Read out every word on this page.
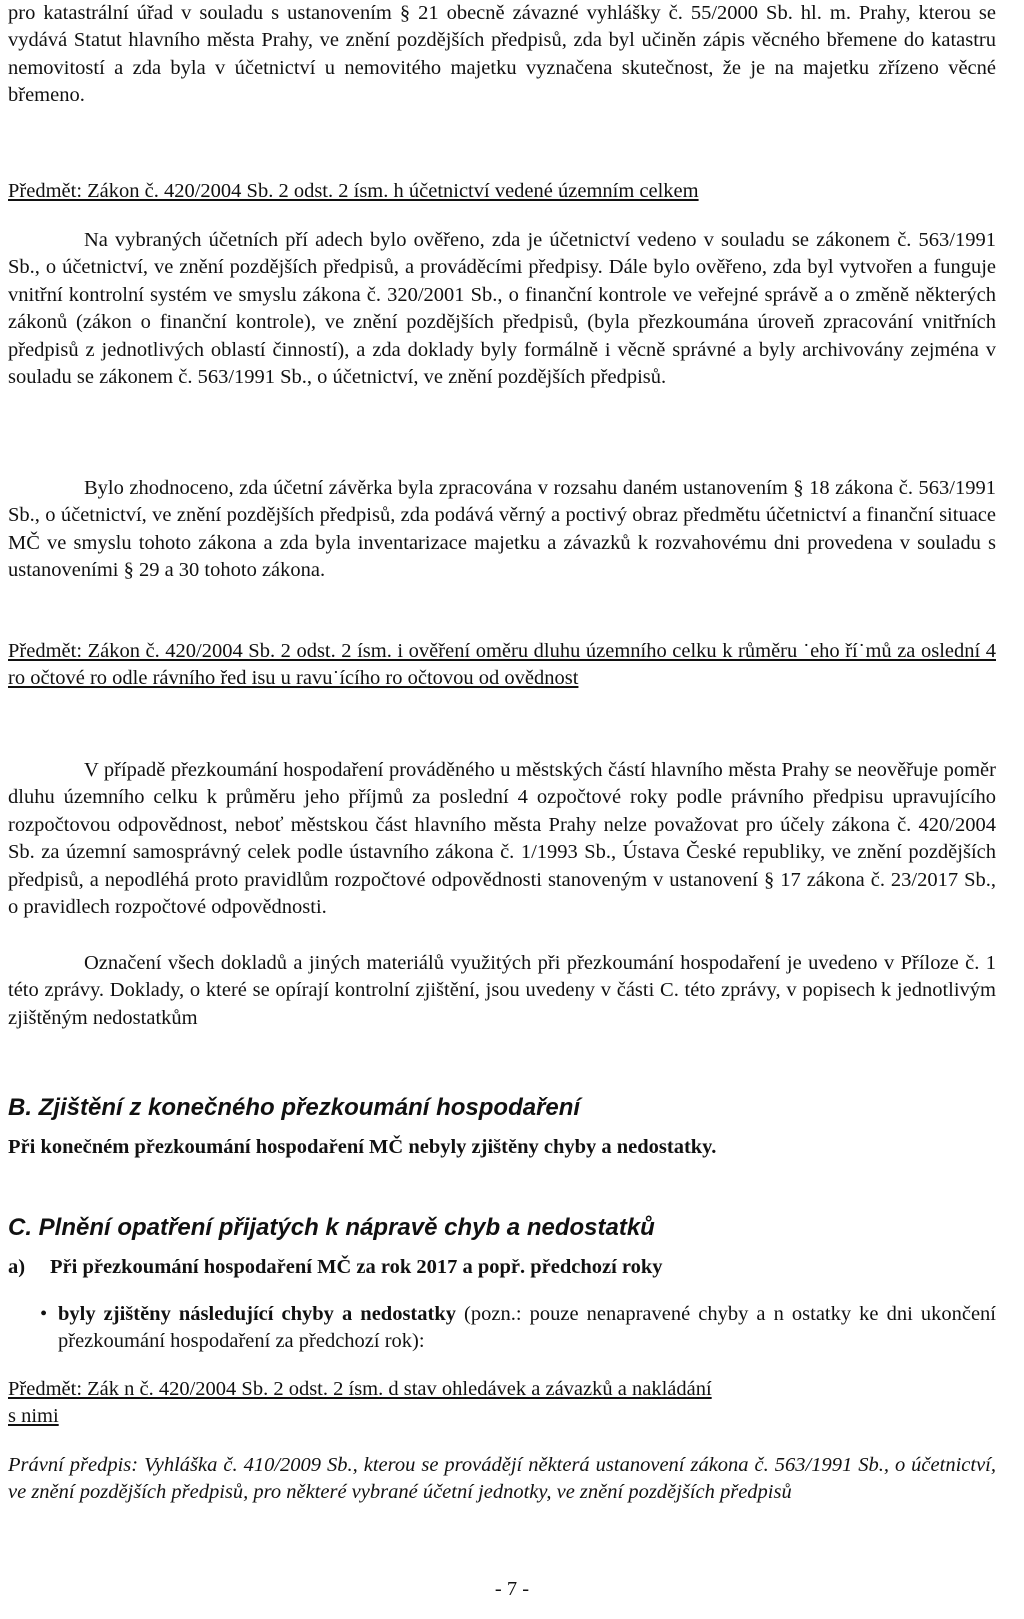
pro katastrální úřad v souladu s ustanovením § 21 obecně závazné vyhlášky č. 55/2000 Sb. hl. m. Prahy, kterou se vydává Statut hlavního města Prahy, ve znění pozdějších předpisů, zda byl učiněn zápis věcného břemene do katastru nemovitostí a zda byla v účetnictví u nemovitého majetku vyznačena skutečnost, že je na majetku zřízeno věcné břemeno.

Předmět: Zákon č. 420/2004 Sb. 2 odst. 2 ísm. h účetnictví vedené územním celkem

Na vybraných účetních pří adech bylo ověřeno, zda je účetnictví vedeno v souladu se zákonem č. 563/1991 Sb., o účetnictví, ve znění pozdějších předpisů, a prováděcími předpisy. Dále bylo ověřeno, zda byl vytvořen a funguje vnitřní kontrolní systém ve smyslu zákona č. 320/2001 Sb., o finanční kontrole ve veřejné správě a o změně některých zákonů (zákon o finanční kontrole), ve znění pozdějších předpisů, (byla přezkoumána úroveň zpracování vnitřních předpisů z jednotlivých oblastí činností), a zda doklady byly formálně i věcně správné a byly archivovány zejména v souladu se zákonem č. 563/1991 Sb., o účetnictví, ve znění pozdějších předpisů.

Bylo zhodnoceno, zda účetní závěrka byla zpracována v rozsahu daném ustanovením § 18 zákona č. 563/1991 Sb., o účetnictví, ve znění pozdějších předpisů, zda podává věrný a poctivý obraz předmětu účetnictví a finanční situace MČ ve smyslu tohoto zákona a zda byla inventarizace majetku a závazků k rozvahovému dni provedena v souladu s ustanoveními § 29 a 30 tohoto zákona.

Předmět: Zákon č. 420/2004 Sb. 2 odst. 2 ísm. i ověření oměru dluhu územního celku k růměru ˙eho ří˙mů za oslední 4 ro očtové ro odle rávního řed isu u ravu˙ícího ro očtovou od ovědnost

V případě přezkoumání hospodaření prováděného u městských částí hlavního města Prahy se neověřuje poměr dluhu územního celku k průměru jeho příjmů za poslední 4 ozpočtové roky podle právního předpisu upravujícího rozpočtovou odpovědnost, neboť městskou část hlavního města Prahy nelze považovat pro účely zákona č. 420/2004 Sb. za územní samosprávný celek podle ústavního zákona č. 1/1993 Sb., Ústava České republiky, ve znění pozdějších předpisů, a nepodléhá proto pravidlům rozpočtové odpovědnosti stanoveným v ustanovení § 17 zákona č. 23/2017 Sb., o pravidlech rozpočtové odpovědnosti.

Označení všech dokladů a jiných materiálů využitých při přezkoumání hospodaření je uvedeno v Příloze č. 1 této zprávy. Doklady, o které se opírají kontrolní zjištění, jsou uvedeny v části C. této zprávy, v popisech k jednotlivým zjištěným nedostatkům

B. Zjištění z konečného přezkoumání hospodaření

Při konečném přezkoumání hospodaření MČ nebyly zjištěny chyby a nedostatky.

C. Plnění opatření přijatých k nápravě chyb a nedostatků
a)	Při přezkoumání hospodaření MČ za rok 2017 a popř. předchozí roky
• byly zjištěny následující chyby a nedostatky (pozn.: pouze nenapravené chyby a n ostatky ke dni ukončení přezkoumání hospodaření za předchozí rok):

Předmět: Zák n č. 420/2004 Sb. 2 odst. 2 ísm. d stav ohledávek a závazků a nakládání
s nimi

Právní předpis: Vyhláška č. 410/2009 Sb., kterou se provádějí některá ustanovení zákona č. 563/1991 Sb., o účetnictví, ve znění pozdějších předpisů, pro některé vybrané účetní jednotky, ve znění pozdějších předpisů

- 7 -
